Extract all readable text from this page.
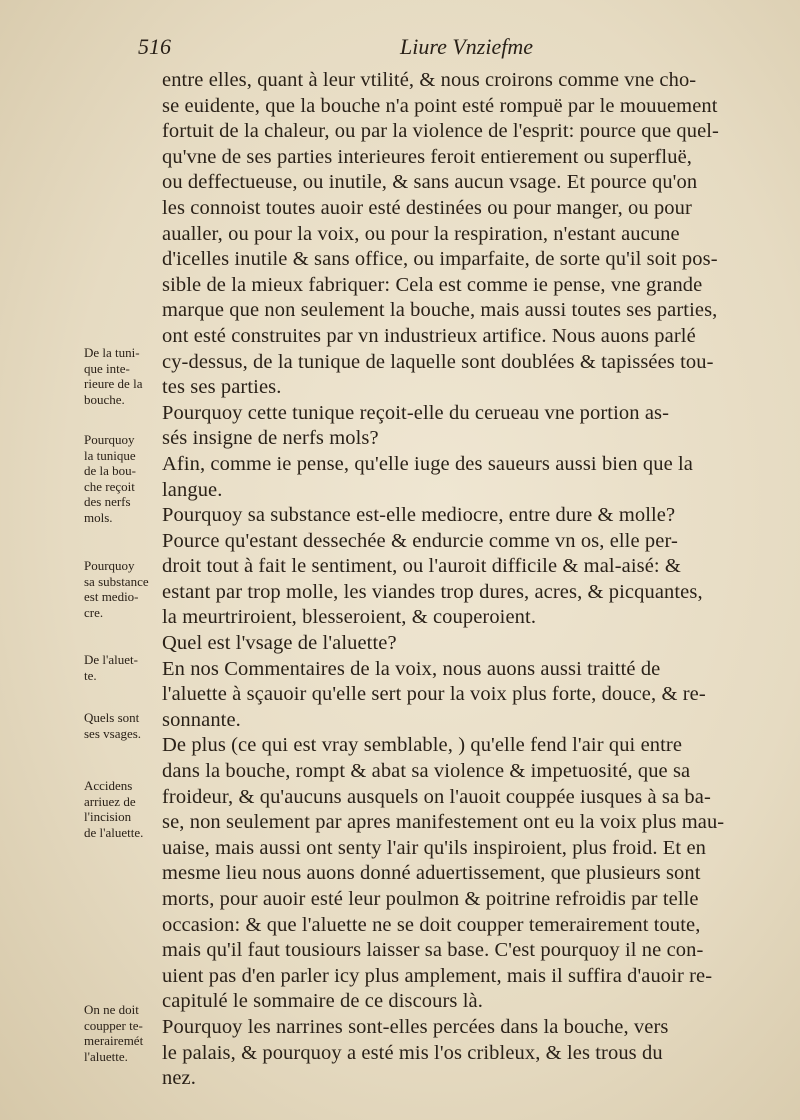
516	Liure Vnziefme
entre elles, quant à leur vtilité, & nous croirons comme vne cho-
se euidente, que la bouche n'a point esté rompuë par le mouuement
fortuit de la chaleur, ou par la violence de l'esprit: pource que quel-
qu'vne de ses parties interieures feroit entierement ou superfluë,
ou deffectueuse, ou inutile, & sans aucun vsage. Et pource qu'on
les connoist toutes auoir esté destinées ou pour manger, ou pour
aualler, ou pour la voix, ou pour la respiration, n'estant aucune
d'icelles inutile & sans office, ou imparfaite, de sorte qu'il soit pos-
sible de la mieux fabriquer: Cela est comme ie pense, vne grande
marque que non seulement la bouche, mais aussi toutes ses parties,
ont esté construites par vn industrieux artifice. Nous auons parlé
cy-dessus, de la tunique de laquelle sont doublées & tapissées tou-
tes ses parties.
Pourquoy cette tunique reçoit-elle du cerueau vne portion as-
sés insigne de nerfs mols?
Afin, comme ie pense, qu'elle iuge des saueurs aussi bien que la
langue.
Pourquoy sa substance est-elle mediocre, entre dure & molle?
Pource qu'estant dessechée & endurcie comme vn os, elle per-
droit tout à fait le sentiment, ou l'auroit difficile & mal-aisé: &
estant par trop molle, les viandes trop dures, acres, & picquantes,
la meurtriroient, blesseroient, & couperoient.
Quel est l'vsage de l'aluette?
En nos Commentaires de la voix, nous auons aussi traitté de
l'aluette à sçauoir qu'elle sert pour la voix plus forte, douce, & re-
sonnante.
De plus (ce qui est vray semblable, ) qu'elle fend l'air qui entre
dans la bouche, rompt & abat sa violence & impetuosité, que sa
froideur, & qu'aucuns ausquels on l'auoit couppée iusques à sa ba-
se, non seulement par apres manifestement ont eu la voix plus mau-
uaise, mais aussi ont senty l'air qu'ils inspiroient, plus froid. Et en
mesme lieu nous auons donné aduertissement, que plusieurs sont
morts, pour auoir esté leur poulmon & poitrine refroidis par telle
occasion: & que l'aluette ne se doit coupper temerairement toute,
mais qu'il faut tousiours laisser sa base. C'est pourquoy il ne con-
uient pas d'en parler icy plus amplement, mais il suffira d'auoir re-
capitulé le sommaire de ce discours là.
Pourquoy les narrines sont-elles percées dans la bouche, vers
le palais, & pourquoy a esté mis l'os cribleux, & les trous du
nez.
De la tuni-
que inte-
rieure de la
bouche.
Pourquoy
la tunique
de la bou-
che reçoit
des nerfs
mols.
Pourquoy
sa substance
est medio-
cre.
De l'aluet-
te.
Quels sont
ses vsages.
Accidens
arriuez de
l'incision
de l'aluette.
On ne doit
coupper te-
merairemét
l'aluette.
